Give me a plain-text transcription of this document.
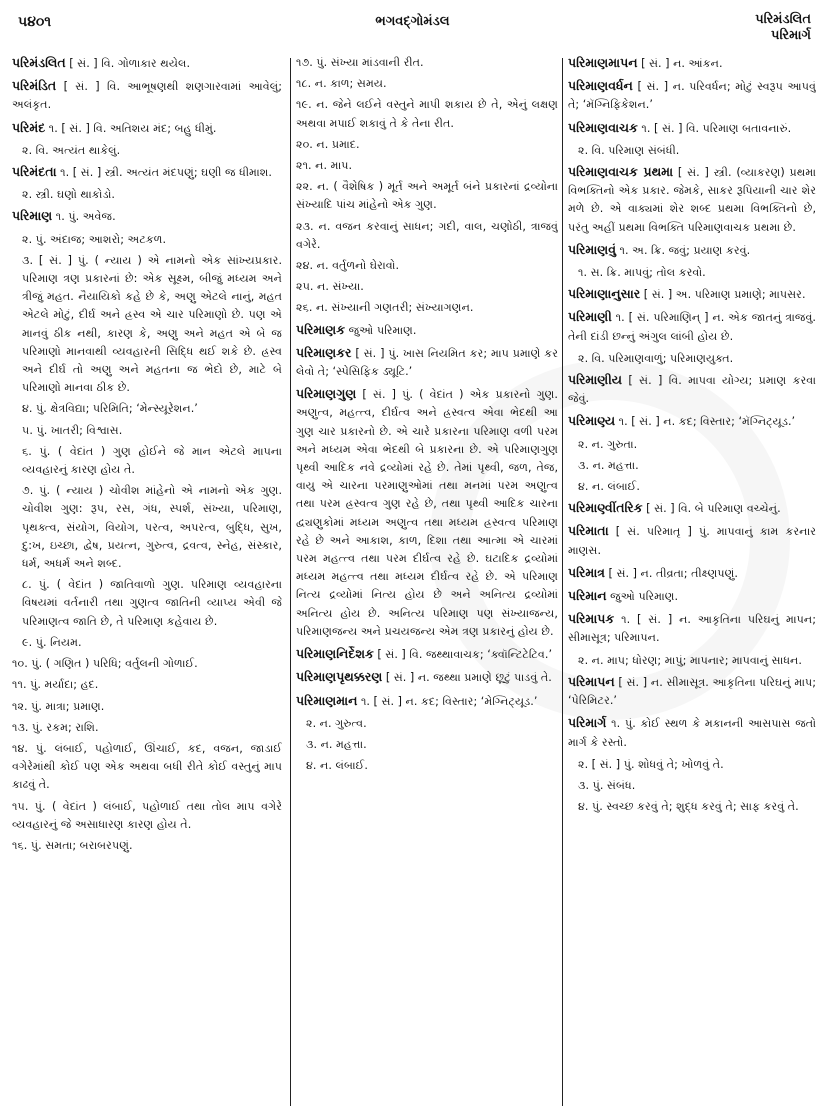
૫૪૦૧	ભગવદ્ગોમંડલ	પરિમંડલિત
પરિમાર્ગ
પરિમંડલિત [ સં. ] વિ. ગોળાકાર થયેલ.
પરિમંડિત [ સં. ] વિ. આભૂષણથી શણગારવામાં આવેલું; અલંકૃત.
પરિમંદ ૧. [ સં. ] વિ. અતિશય મંદ; બહુ ધીમું.
૨. વિ. અત્યંત થાકેલું.
પરિમંદતા ૧. [ સં. ] સ્ત્રી. અત્યંત મંદપણું; ઘણી જ ધીમાશ.
૨. સ્ત્રી. ઘણો થાકોડો.
પરિમાણ ૧. પું. અવેજ.
૨. પું. અંદાજ; આશરો; અટકળ.
૩. [ સં. ] પું. ( ન્યાય ) એ નામનો એક સાંખ્યપ્રકાર. પરિમાણ ત્રણ પ્રકારનાં છે: એક સૂક્ષ્મ, બીજું મધ્યમ અને ત્રીજું મહત. નૈયાયિકો કહે છે કે, અણુ એટલે નાનું, મહત એટલે મોટું, દીર્ઘ અને હ્રસ્વ એ ચાર પરિમાણો છે. પણ એ માનવું ઠીક નથી, કારણ કે, અણુ અને મહત એ બે જ પરિમાણો માનવાથી વ્યવહારની સિદ્ધિ થઈ શકે છે. હ્રસ્વ અને દીર્ઘ તો અણુ અને મહતના જ ભેદો છે, માટે બે પરિમાણો માનવા ઠીક છે.
૪. પું. ક્ષેત્રવિદ્યા; પરિમિતિ; ‘મેન્સ્યૂરેશન.’
૫. પું. ખાતરી; વિશ્વાસ.
૬. પું. ( વેદાંત ) ગુણ હોઈને જે માન એટલે માપના વ્યવહારનું કારણ હોય તે.
૭. પું. ( ન્યાય ) ચોવીશ માંહેનો એ નામનો એક ગુણ. ચોવીશ ગુણ: રૂપ, રસ, ગંધ, સ્પર્શ, સંખ્યા, પરિમાણ, પૃથક્ત્વ, સંયોગ, વિયોગ, પરત્વ, અપરત્વ, બુદ્ધિ, સુખ, દુ:ખ, ઇચ્છા, દ્વેષ, પ્રયત્ન, ગુરુત્વ, દ્રવત્વ, સ્નેહ, સંસ્કાર, ધર્મ, અધર્મ અને શબ્દ.
૮. પું. ( વેદાંત ) જાતિવાળો ગુણ. પરિમાણ વ્યવહારના વિષયમાં વર્તનારી તથા ગુણત્વ જાતિની વ્યાપ્ય એવી જે પરિમાણત્વ જાતિ છે, તે પરિમાણ કહેવાય છે.
૯. પું. નિયમ.
૧૦. પું. ( ગણિત ) પરિધિ; વર્તુલની ગોળાઈ.
૧૧. પું. મર્યાદા; હદ.
૧૨. પું. માત્રા; પ્રમાણ.
૧૩. પું. રકમ; રાશિ.
૧૪. પું. લંબાઈ, પહોળાઈ, ઊંચાઈ, કદ, વજન, જાડાઈ વગેરેમાંથી કોઈ પણ એક અથવા બધી રીતે કોઈ વસ્તુનું માપ કાઢવું તે.
૧૫. પું. ( વેદાંત ) લંબાઈ, પહોળાઈ તથા તોલ માપ વગેરે વ્યવહારનું જે અસાધારણ કારણ હોય તે.
૧૬. પું. સમતા; બરાબરપણું.
૧૭. પું. સંખ્યા માંડવાની રીત.
૧૮. ન. કાળ; સમય.
૧૯. ન. જેને લઈને વસ્તુને માપી શકાય છે તે, એનું લક્ષણ અથવા મપાઈ શકાવું તે કે તેના રીત.
૨૦. ન. પ્રમાદ.
૨૧. ન. માપ.
૨૨. ન. ( વૈશેષિક ) મૂર્ત અને અમૂર્ત બંને પ્રકારનાં દ્રવ્યોના સંખ્યાદિ પાંચ માંહેનો એક ગુણ.
૨૩. ન. વજન કરવાનું સાધન; ગદી, વાલ, ચણોઠી, ત્રાજવું વગેરે.
૨૪. ન. વર્તુળનો ઘેરાવો.
૨૫. ન. સંખ્યા.
૨૬. ન. સંખ્યાની ગણતરી; સંખ્યાગણન.
પરિમાણક જુઓ પરિમાણ.
પરિમાણકર [ સં. ] પું. ખાસ નિયમિત કર; માપ પ્રમાણે કર લેવો તે; ‘સ્પેસિફિક ડ્યૂટિ.’
પરિમાણગુણ [ સં. ] પું. ( વેદાંત ) એક પ્રકારનો ગુણ. અણુત્વ, મહત્ત્વ, દીર્ઘત્વ અને હ્રસ્વત્વ એવા ભેદથી આ ગુણ ચાર પ્રકારનો છે. એ ચારે પ્રકારના પરિમાણ વળી પરમ અને મધ્યમ એવા ભેદથી બે પ્રકારના છે. એ પરિમાણગુણ પૃથ્વી આદિક નવે દ્રવ્યોમાં રહે છે. તેમાં પૃથ્વી, જળ, તેજ, વાયુ એ ચારના પરમાણુઓમાં તથા મનમાં પરમ અણુત્વ તથા પરમ હ્રસ્વત્વ ગુણ રહે છે, તથા પૃથ્વી આદિક ચારના દ્વ્યણુકોમાં મધ્યમ અણુત્વ તથા મધ્યમ હ્રસ્વત્વ પરિમાણ રહે છે અને આકાશ, કાળ, દિશા તથા આત્મા એ ચારમાં પરમ મહત્ત્વ તથા પરમ દીર્ઘત્વ રહે છે. ઘટાદિક દ્રવ્યોમાં મધ્યમ મહત્ત્વ તથા મધ્યમ દીર્ઘત્વ રહે છે. એ પરિમાણ નિત્ય દ્રવ્યોમાં નિત્ય હોય છે અને અનિત્ય દ્રવ્યોમાં અનિત્ય હોય છે. અનિત્ય પરિમાણ પણ સંખ્યાજન્ય, પરિમાણજન્ય અને પ્રચયજન્ય એમ ત્રણ પ્રકારનું હોય છે.
પરિમાણનિર્દેશક [ સં. ] વિ. જથ્થાવાચક; ‘ક્વૉન્ટિટેટિવ.’
પરિમાણપૃથક્કરણ [ સં. ] ન. જથ્થા પ્રમાણે છૂટું પાડવું તે.
પરિમાણમાન ૧. [ સં. ] ન. કદ; વિસ્તાર; ‘મેગ્નિટ્યૂડ.’
૨. ન. ગુરુત્વ.
૩. ન. મહત્તા.
૪. ન. લંબાઈ.
પરિમાણમાપન [ સં. ] ન. આંકન.
પરિમાણવર્ધન [ સં. ] ન. પરિવર્ધન; મોટું સ્વરૂપ આપવું તે; ‘મૅગ્નિફિકેશન.’
પરિમાણવાચક ૧. [ સં. ] વિ. પરિમાણ બતાવનારું.
૨. વિ. પરિમાણ સંબંધી.
પરિમાણવાચક પ્રથમા [ સં. ] સ્ત્રી. (વ્યાકરણ) પ્રથમા વિભક્તિનો એક પ્રકાર. જેમકે, સાકર રૂપિયાની ચાર શેર મળે છે. એ વાક્યમાં શેર શબ્દ પ્રથમા વિભક્તિનો છે, પરંતુ અહીં પ્રથમા વિભક્તિ પરિમાણવાચક પ્રથમા છે.
પરિમાણવું ૧. અ. ક્રિ. જવું; પ્રયાણ કરવું.
૧. સ. ક્રિ. માપવું; તોલ કરવો.
પરિમાણાનુસાર [ સં. ] અ. પરિમાણ પ્રમાણે; માપસર.
પરિમાણી ૧. [ સં. પરિમાણિન્ ] ન. એક જાતનું ત્રાજવું. તેની દાંડી છન્નું અંગુલ લાંબી હોય છે.
૨. વિ. પરિમાણવાળું; પરિમાણયુક્ત.
પરિમાણીય [ સં. ] વિ. માપવા યોગ્ય; પ્રમાણ કરવા જેવું.
પરિમાણ્ય ૧. [ સં. ] ન. કદ; વિસ્તાર; ‘મૅગ્નિટ્યૂડ.’
૨. ન. ગુરુતા.
૩. ન. મહત્તા.
૪. ન. લંબાઈ.
પરિમાણ્વીંતરિક [ સં. ] વિ. બે પરિમાણ વચ્ચેનું.
પરિમાતા [ સં. પરિમાતૃ ] પું. માપવાનું કામ કરનાર માણસ.
પરિમાત્ર [ સં. ] ન. તીવ્રતા; તીક્ષ્ણપણું.
પરિમાન જુઓ પરિમાણ.
પરિમાપક ૧. [ સં. ] ન. આકૃતિના પરિઘનું માપન; સીમાસૂત્ર; પરિમાપન.
૨. ન. માપ; ધોરણ; માપું; માપનાર; માપવાનું સાધન.
પરિમાપન [ સં. ] ન. સીમાસૂત્ર. આકૃતિના પરિઘનું માપ; ‘પેરિમિટર.’
પરિમાર્ગ ૧. પું. કોઈ સ્થળ કે મકાનની આસપાસ જતો માર્ગ કે રસ્તો.
૨. [ સં. ] પું. શોધવું તે; ખોળવું તે.
૩. પું. સંબંધ.
૪. પું. સ્વચ્છ કરવું તે; શુદ્ધ કરવું તે; સાફ કરવું તે.
